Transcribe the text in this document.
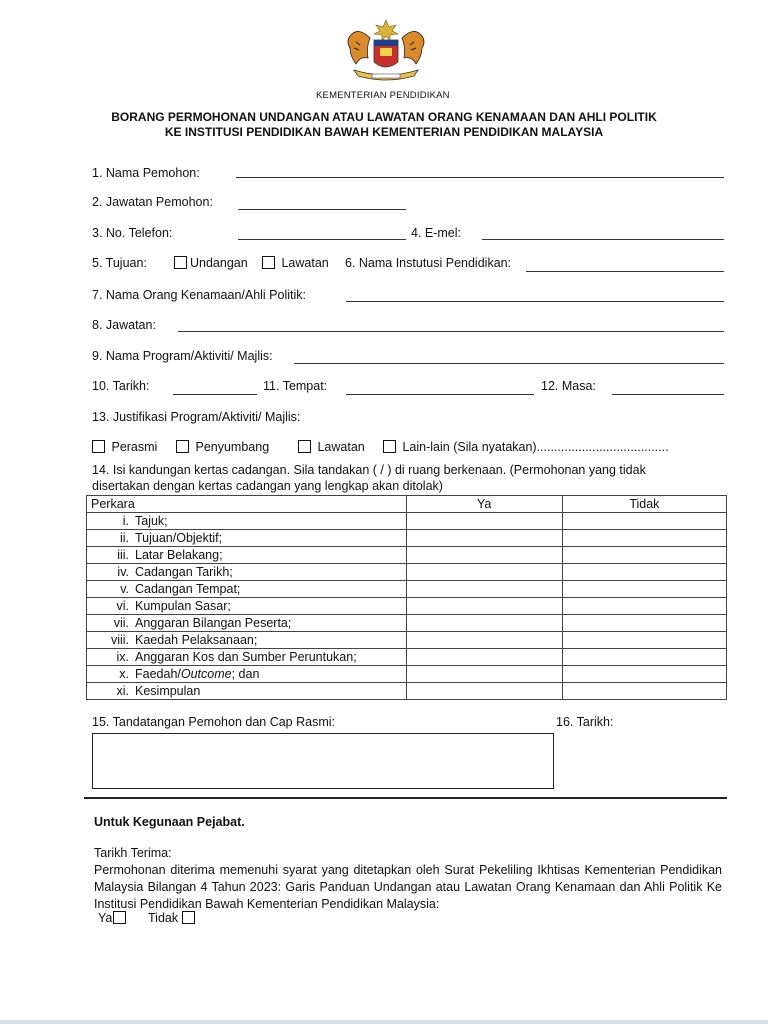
KEMENTERIAN PENDIDIKAN
BORANG PERMOHONAN UNDANGAN ATAU LAWATAN ORANG KENAMAAN DAN AHLI POLITIK
KE INSTITUSI PENDIDIKAN BAWAH KEMENTERIAN PENDIDIKAN MALAYSIA
1. Nama Pemohon:
2. Jawatan Pemohon:
3. No. Telefon:	4. E-mel:
5. Tujuan:	Undangan	Lawatan 6. Nama Instutusi Pendidikan:
7. Nama Orang Kenamaan/Ahli Politik:
8. Jawatan:
9. Nama Program/Aktiviti/ Majlis:
10. Tarikh:	11. Tempat:	12. Masa:
13. Justifikasi Program/Aktiviti/ Majlis:
Perasmi	Penyumbang	Lawatan	Lain-lain (Sila nyatakan)......................................
14. Isi kandungan kertas cadangan. Sila tandakan ( / ) di ruang berkenaan. (Permohonan yang tidak
disertakan dengan kertas cadangan yang lengkap akan ditolak)
Perkara	Ya	Tidak
i. Tajuk;		
ii. Tujuan/Objektif;		
iii. Latar Belakang;		
iv. Cadangan Tarikh;		
v. Cadangan Tempat;		
vi. Kumpulan Sasar;		
vii. Anggaran Bilangan Peserta;		
viii. Kaedah Pelaksanaan;		
ix. Anggaran Kos dan Sumber Peruntukan;		
x. Faedah/Outcome; dan		
xi. Kesimpulan		
15. Tandatangan Pemohon dan Cap Rasmi:	16. Tarikh:
Untuk Kegunaan Pejabat.
Tarikh Terima:
Permohonan diterima memenuhi syarat yang ditetapkan oleh Surat Pekeliling Ikhtisas Kementerian Pendidikan Malaysia Bilangan 4 Tahun 2023: Garis Panduan Undangan atau Lawatan Orang Kenamaan dan Ahli Politik Ke Institusi Pendidikan Bawah Kementerian Pendidikan Malaysia:
Ya	Tidak
